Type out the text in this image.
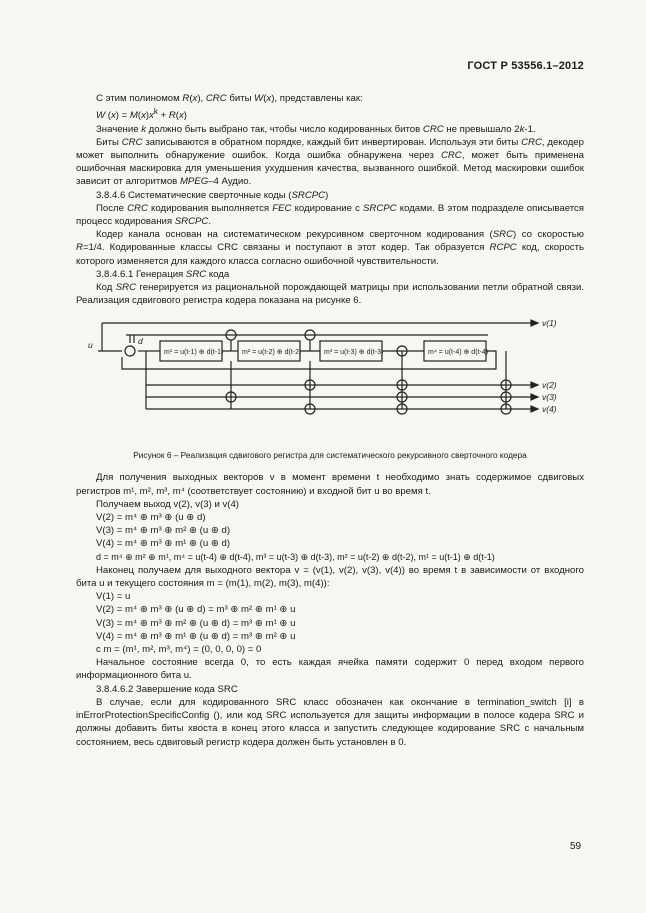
ГОСТ Р 53556.1–2012

С этим полиномом R(x), CRC биты W(x), представлены как:

W $(x) = M(x)x^k + R(x)$

Значение k должно быть выбрано так, чтобы число кодированных битов CRC не превышало 2k-1.

Биты CRC записываются в обратном порядке, каждый бит инвертирован. Используя эти биты CRC, декодер может выполнить обнаружение ошибок. Когда ошибка обнаружена через CRC, может быть применена ошибочная маскировка для уменьшения ухудшения качества, вызванного ошибкой. Метод маскировки ошибок зависит от алгоритмов MPEG–4 Аудио.

3.8.4.6 Систематические сверточные коды (SRCPC)

После CRC кодирования выполняется FEC кодирование с SRCPC кодами. В этом подразделе описывается процесс кодирования SRCPC.

Кодер канала основан на систематическом рекурсивном сверточном кодирования (SRC) со скоростью R=1/4. Кодированные классы CRC связаны и поступают в этот кодер. Так образуется RCPC код, скорость которого изменяется для каждого класса согласно ошибочной чувствительности.

3.8.4.6.1 Генерация SRC кода

Код SRC генерируется из рациональной порождающей матрицы при использовании петли обратной связи. Реализация сдвигового регистра кодера показана на рисунке 6.

u	d
m¹ = u(t-1) ⊕ d(t-1)	m² = u(t-2) ⊕ d(t-2)	m³ = u(t-3) ⊕ d(t-3)	m⁴ = u(t-4) ⊕ d(t-4)
v(1)
v(2)
v(3)
v(4)
Рисунок 6 – Реализация сдвигового регистра для систематического рекурсивного сверточного кодера

Для получения выходных векторов v в момент времени t необходимо знать содержимое сдвиговых регистров m¹, m², m³, m⁴ (соответствует состоянию) и входной бит u во время t.

Получаем выход v(2), v(3) и v(4)

V(2) = m⁴ ⊕ m³ ⊕ (u ⊕ d)

V(3) = m⁴ ⊕ m³ ⊕ m² ⊕ (u ⊕ d)

V(4) = m⁴ ⊕ m³ ⊕ m¹ ⊕ (u ⊕ d)

d = m⁴ ⊕ m² ⊕ m¹, m⁴ = u(t-4) ⊕ d(t-4), m³ = u(t-3) ⊕ d(t-3), m² = u(t-2) ⊕ d(t-2), m¹ = u(t-1) ⊕ d(t-1)

Наконец получаем для выходного вектора v = (v(1), v(2), v(3), v(4)) во время t в зависимости от входного бита u и текущего состояния m = (m(1), m(2), m(3), m(4)):

V(1) = u

V(2) = m⁴ ⊕ m³ ⊕ (u ⊕ d) = m³ ⊕ m² ⊕ m¹ ⊕ u

V(3) = m⁴ ⊕ m³ ⊕ m² ⊕ (u ⊕ d) = m³ ⊕ m¹ ⊕ u

V(4) = m⁴ ⊕ m³ ⊕ m¹ ⊕ (u ⊕ d) = m³ ⊕ m² ⊕ u

с m = (m¹, m², m³, m⁴) = (0, 0, 0, 0) = 0

Начальное состояние всегда 0, то есть каждая ячейка памяти содержит 0 перед входом первого информационного бита u.

3.8.4.6.2 Завершение кода SRC

В случае, если для кодированного SRC класс обозначен как окончание в termination_switch [i] в inErrorProtectionSpecificConfig (), или код SRC используется для защиты информации в полосе кодера SRC и должны добавить биты хвоста в конец этого класса и запустить следующее кодирование SRC с начальным состоянием, весь сдвиговый регистр кодера должен быть установлен в 0.

59
